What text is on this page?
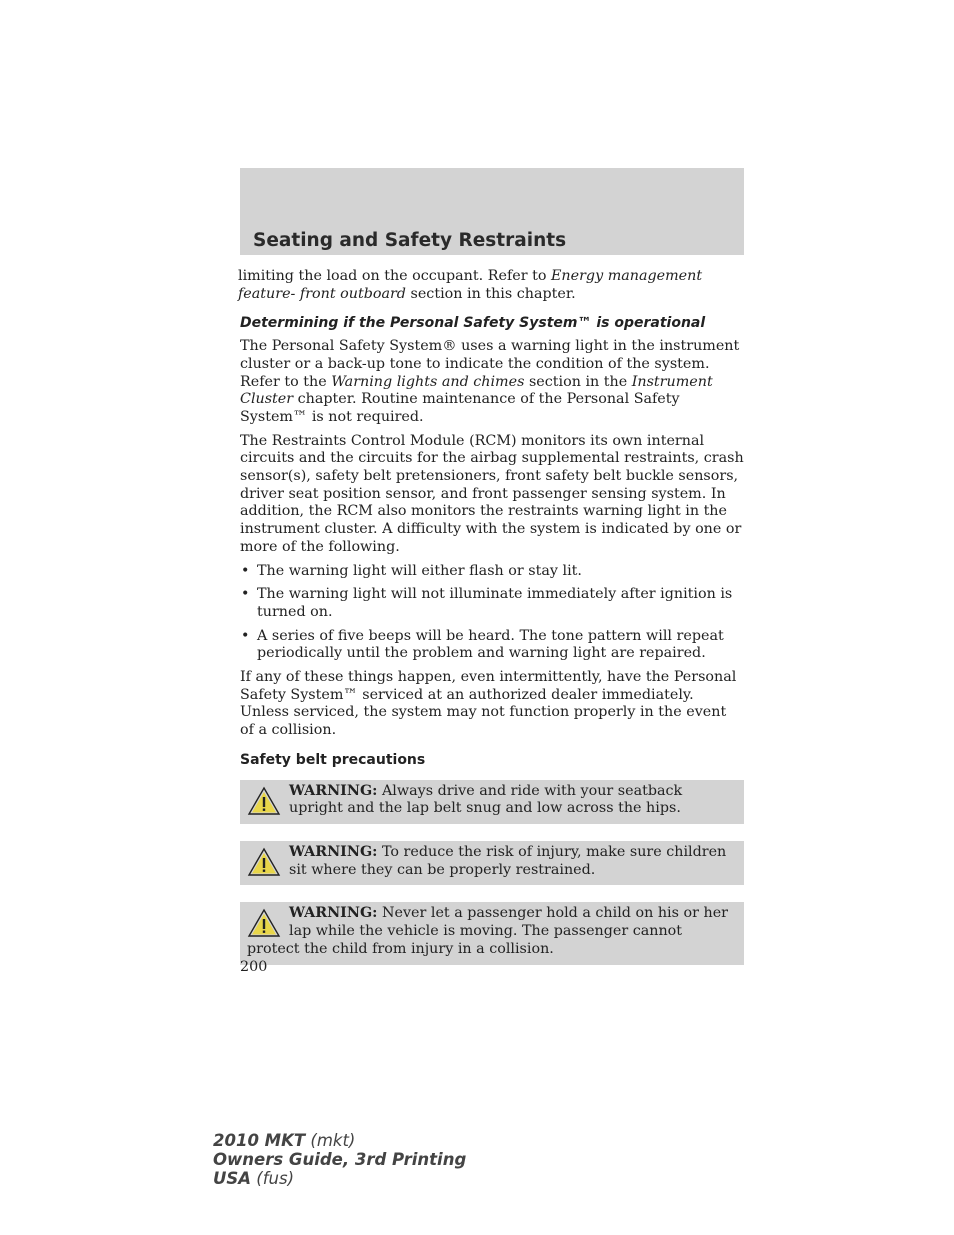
Seating and Safety Restraints

limiting the load on the occupant. Refer to Energy management feature- front outboard section in this chapter.

Determining if the Personal Safety System™ is operational

The Personal Safety System® uses a warning light in the instrument cluster or a back-up tone to indicate the condition of the system. Refer to the Warning lights and chimes section in the Instrument Cluster chapter. Routine maintenance of the Personal Safety System™ is not required.

The Restraints Control Module (RCM) monitors its own internal circuits and the circuits for the airbag supplemental restraints, crash sensor(s), safety belt pretensioners, front safety belt buckle sensors, driver seat position sensor, and front passenger sensing system. In addition, the RCM also monitors the restraints warning light in the instrument cluster. A difficulty with the system is indicated by one or more of the following.

• The warning light will either flash or stay lit.
• The warning light will not illuminate immediately after ignition is turned on.
• A series of five beeps will be heard. The tone pattern will repeat periodically until the problem and warning light are repaired.

If any of these things happen, even intermittently, have the Personal Safety System™ serviced at an authorized dealer immediately. Unless serviced, the system may not function properly in the event of a collision.

Safety belt precautions
WARNING: Always drive and ride with your seatback upright and the lap belt snug and low across the hips.
WARNING: To reduce the risk of injury, make sure children sit where they can be properly restrained.
WARNING: Never let a passenger hold a child on his or her lap while the vehicle is moving. The passenger cannot protect the child from injury in a collision.
200
2010 MKT (mkt)
Owners Guide, 3rd Printing
USA (fus)
